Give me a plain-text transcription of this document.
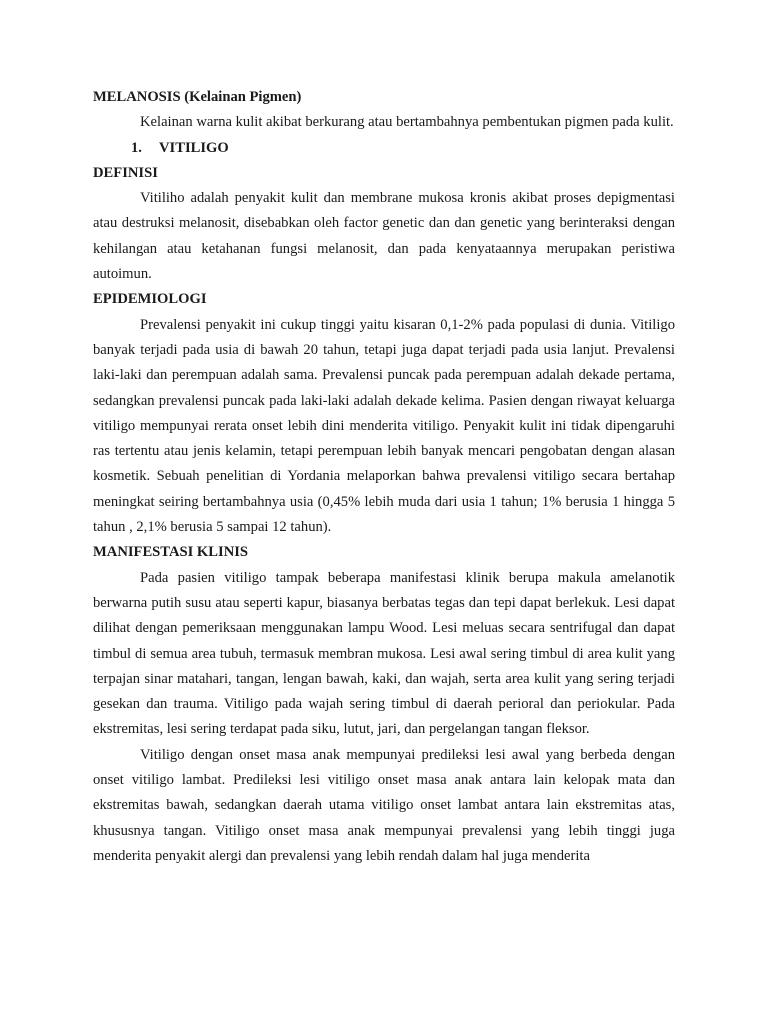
MELANOSIS (Kelainan Pigmen)

Kelainan warna kulit akibat berkurang atau bertambahnya pembentukan pigmen pada kulit.

1.	VITILIGO

DEFINISI

Vitiliho adalah penyakit kulit dan membrane mukosa kronis akibat proses depigmentasi atau destruksi melanosit, disebabkan oleh factor genetic dan dan genetic yang berinteraksi dengan kehilangan atau ketahanan fungsi melanosit, dan pada kenyataannya merupakan peristiwa autoimun.

EPIDEMIOLOGI

Prevalensi penyakit ini cukup tinggi yaitu kisaran 0,1-2% pada populasi di dunia. Vitiligo banyak terjadi pada usia di bawah 20 tahun, tetapi juga dapat terjadi pada usia lanjut. Prevalensi laki-laki dan perempuan adalah sama. Prevalensi puncak pada perempuan adalah dekade pertama, sedangkan prevalensi puncak pada laki-laki adalah dekade kelima. Pasien dengan riwayat keluarga vitiligo mempunyai rerata onset lebih dini menderita vitiligo. Penyakit kulit ini tidak dipengaruhi ras tertentu atau jenis kelamin, tetapi perempuan lebih banyak mencari pengobatan dengan alasan kosmetik. Sebuah penelitian di Yordania melaporkan bahwa prevalensi vitiligo secara bertahap meningkat seiring bertambahnya usia (0,45% lebih muda dari usia 1 tahun; 1% berusia 1 hingga 5 tahun , 2,1% berusia 5 sampai 12 tahun).

MANIFESTASI KLINIS

Pada pasien vitiligo tampak beberapa manifestasi klinik berupa makula amelanotik berwarna putih susu atau seperti kapur, biasanya berbatas tegas dan tepi dapat berlekuk. Lesi dapat dilihat dengan pemeriksaan menggunakan lampu Wood. Lesi meluas secara sentrifugal dan dapat timbul di semua area tubuh, termasuk membran mukosa. Lesi awal sering timbul di area kulit yang terpajan sinar matahari, tangan, lengan bawah, kaki, dan wajah, serta area kulit yang sering terjadi gesekan dan trauma. Vitiligo pada wajah sering timbul di daerah perioral dan periokular. Pada ekstremitas, lesi sering terdapat pada siku, lutut, jari, dan pergelangan tangan fleksor.

Vitiligo dengan onset masa anak mempunyai predileksi lesi awal yang berbeda dengan onset vitiligo lambat. Predileksi lesi vitiligo onset masa anak antara lain kelopak mata dan ekstremitas bawah, sedangkan daerah utama vitiligo onset lambat antara lain ekstremitas atas, khususnya tangan. Vitiligo onset masa anak mempunyai prevalensi yang lebih tinggi juga menderita penyakit alergi dan prevalensi yang lebih rendah dalam hal juga menderita
